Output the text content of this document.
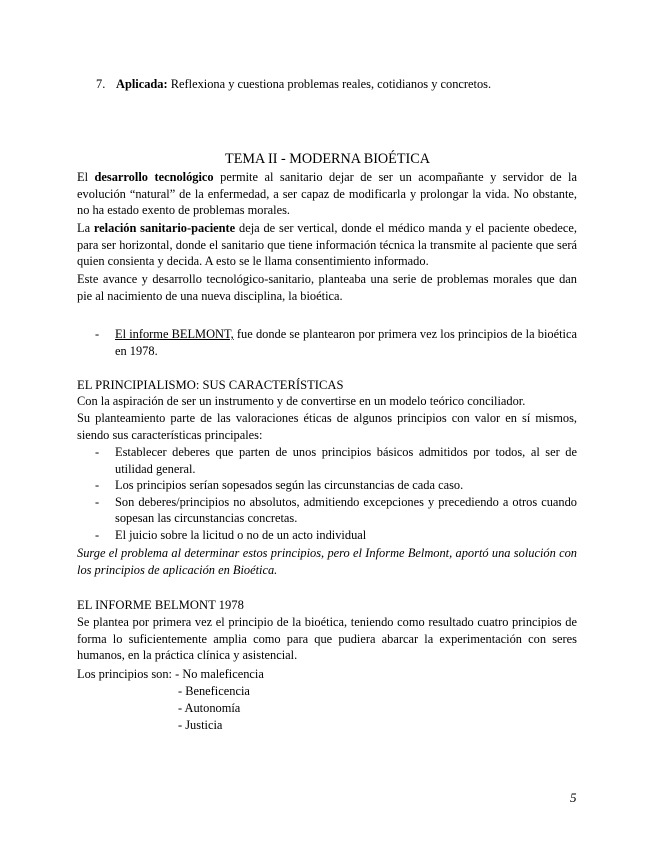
7. Aplicada: Reflexiona y cuestiona problemas reales, cotidianos y concretos.
TEMA II - MODERNA BIOÉTICA

El desarrollo tecnológico permite al sanitario dejar de ser un acompañante y servidor de la evolución “natural” de la enfermedad, a ser capaz de modificarla y prolongar la vida. No obstante, no ha estado exento de problemas morales.

La relación sanitario-paciente deja de ser vertical, donde el médico manda y el paciente obedece, para ser horizontal, donde el sanitario que tiene información técnica la transmite al paciente que será quien consienta y decida. A esto se le llama consentimiento informado.

Este avance y desarrollo tecnológico-sanitario, planteaba una serie de problemas morales que dan pie al nacimiento de una nueva disciplina, la bioética.

- El informe BELMONT, fue donde se plantearon por primera vez los principios de la bioética en 1978.

EL PRINCIPIALISMO: SUS CARACTERÍSTICAS

Con la aspiración de ser un instrumento y de convertirse en un modelo teórico conciliador.

Su planteamiento parte de las valoraciones éticas de algunos principios con valor en sí mismos, siendo sus características principales:

- Establecer deberes que parten de unos principios básicos admitidos por todos, al ser de utilidad general.
- Los principios serían sopesados según las circunstancias de cada caso.
- Son deberes/principios no absolutos, admitiendo excepciones y precediendo a otros cuando sopesan las circunstancias concretas.
- El juicio sobre la licitud o no de un acto individual

Surge el problema al determinar estos principios, pero el Informe Belmont, aportó una solución con los principios de aplicación en Bioética.

EL INFORME BELMONT 1978

Se plantea por primera vez el principio de la bioética, teniendo como resultado cuatro principios de forma lo suficientemente amplia como para que pudiera abarcar la experimentación con seres humanos, en la práctica clínica y asistencial.

Los principios son: - No maleficencia
- Beneficencia
- Autonomía
- Justicia
5
